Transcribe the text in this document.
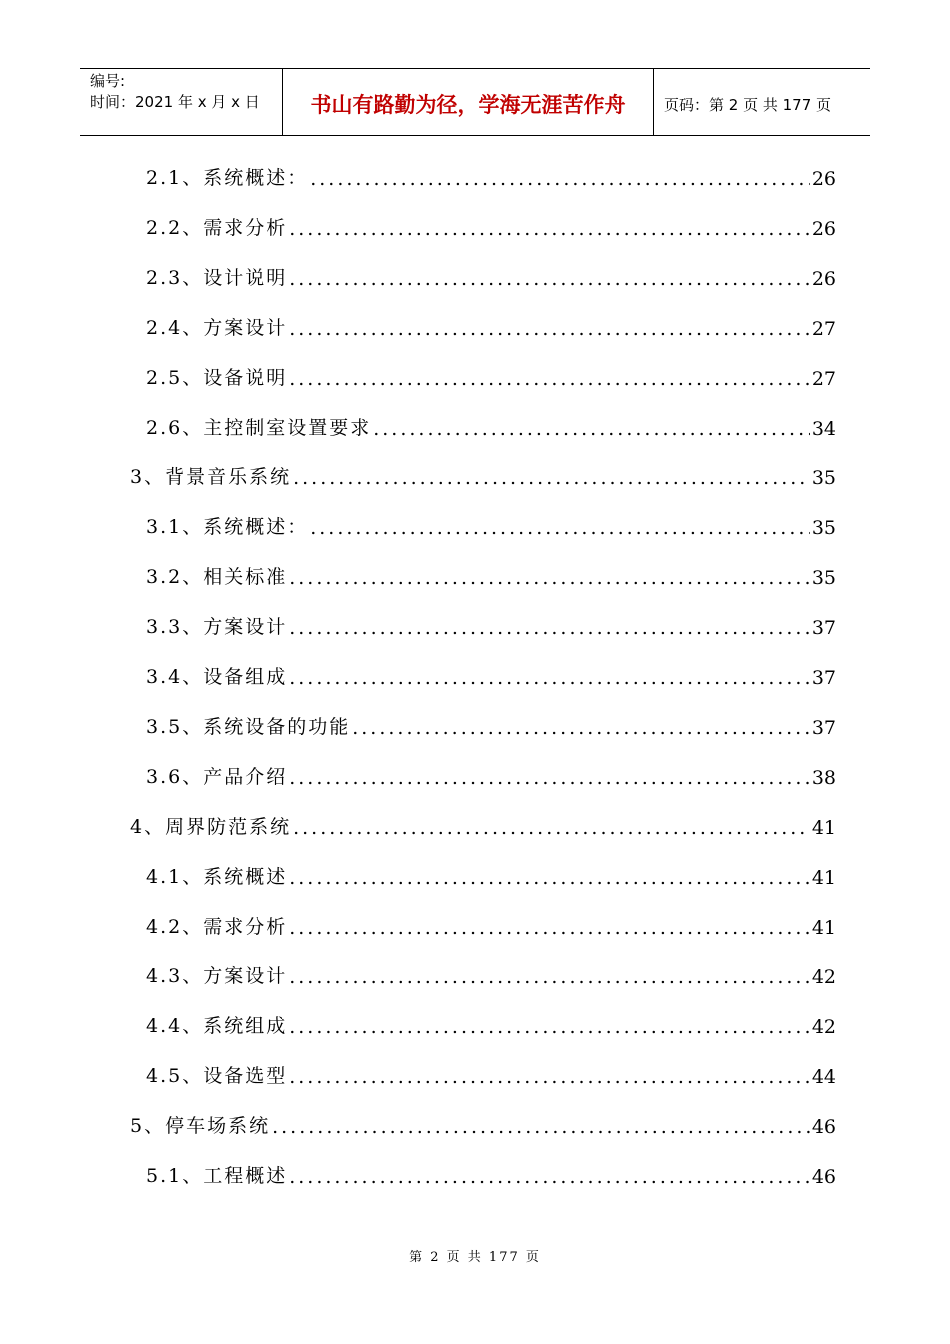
编号:
时间：2021 年 x 月 x 日	书山有路勤为径，学海无涯苦作舟	页码：第 2 页 共 177 页
2.1、系统概述： .....	26
2.2、需求分析 .....	26
2.3、设计说明 .....	26
2.4、方案设计 .....	27
2.5、设备说明 .....	27
2.6、主控制室设置要求 .....	34
3、背景音乐系统 .....	35
3.1、系统概述： .....	35
3.2、相关标准 .....	35
3.3、方案设计 .....	37
3.4、设备组成 .....	37
3.5、系统设备的功能 .....	37
3.6、产品介绍 .....	38
4、周界防范系统 .....	41
4.1、系统概述 .....	41
4.2、需求分析 .....	41
4.3、方案设计 .....	42
4.4、系统组成 .....	42
4.5、设备选型 .....	44
5、停车场系统 .....	46
5.1、工程概述 .....	46
第 2 页 共 177 页
